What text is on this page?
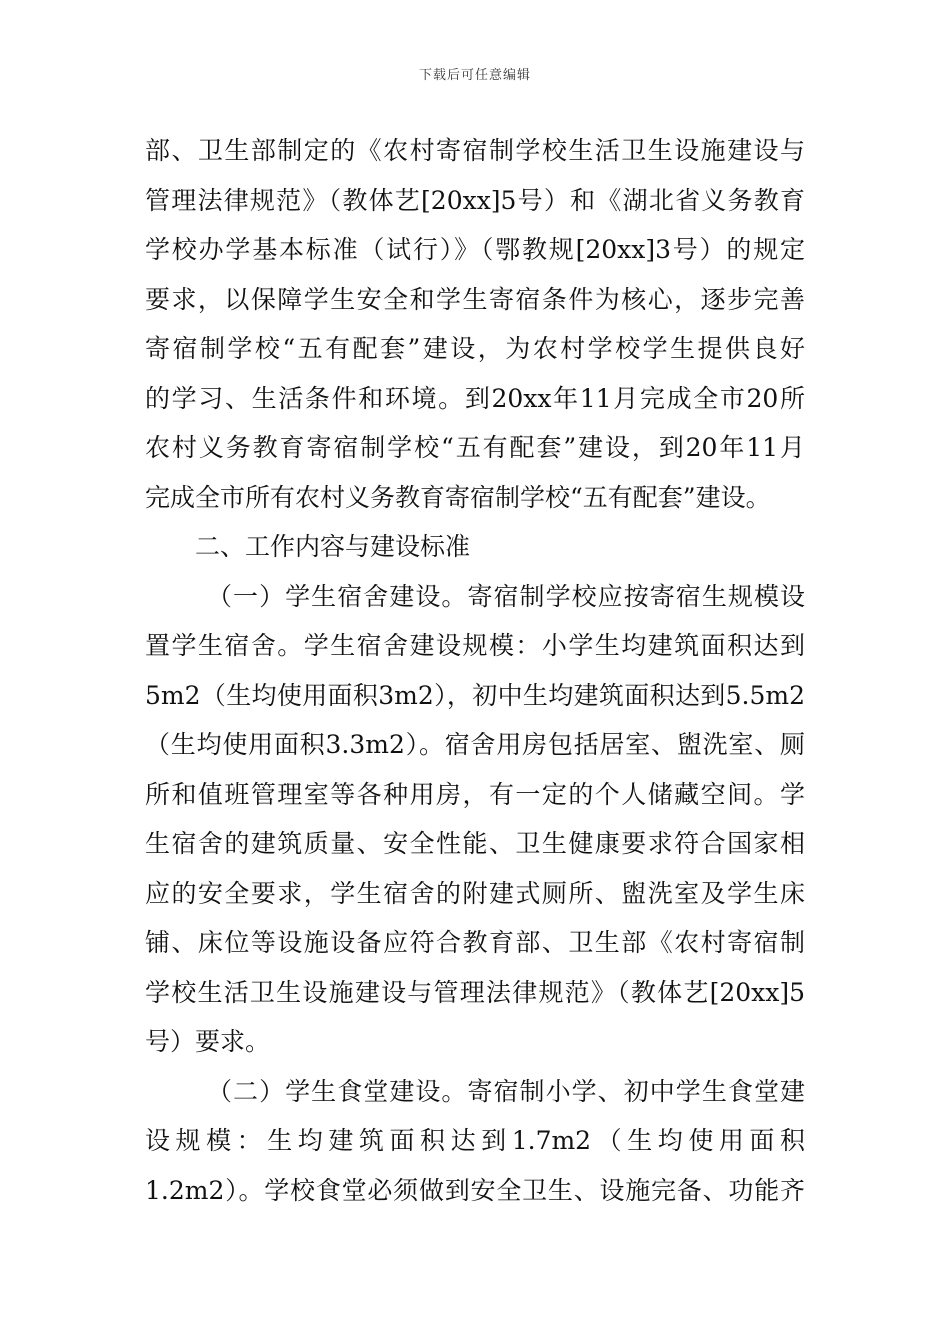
下载后可任意编辑
部、卫生部制定的《农村寄宿制学校生活卫生设施建设与
管理法律规范》（教体艺[20xx]5号）和《湖北省义务教育
学校办学基本标准（试行）》（鄂教规[20xx]3号）的规定
要求，以保障学生安全和学生寄宿条件为核心，逐步完善
寄宿制学校“五有配套”建设，为农村学校学生提供良好
的学习、生活条件和环境。到20xx年11月完成全市20所
农村义务教育寄宿制学校“五有配套”建设，到20年11月
完成全市所有农村义务教育寄宿制学校“五有配套”建设。
二、工作内容与建设标准
（一）学生宿舍建设。寄宿制学校应按寄宿生规模设
置学生宿舍。学生宿舍建设规模：小学生均建筑面积达到
5m2（生均使用面积3m2），初中生均建筑面积达到5.5m2
（生均使用面积3.3m2）。宿舍用房包括居室、盥洗室、厕
所和值班管理室等各种用房，有一定的个人储藏空间。学
生宿舍的建筑质量、安全性能、卫生健康要求符合国家相
应的安全要求，学生宿舍的附建式厕所、盥洗室及学生床
铺、床位等设施设备应符合教育部、卫生部《农村寄宿制
学校生活卫生设施建设与管理法律规范》（教体艺[20xx]5
号）要求。
（二）学生食堂建设。寄宿制小学、初中学生食堂建
设规模：生均建筑面积达到1.7m2（生均使用面积
1.2m2）。学校食堂必须做到安全卫生、设施完备、功能齐
